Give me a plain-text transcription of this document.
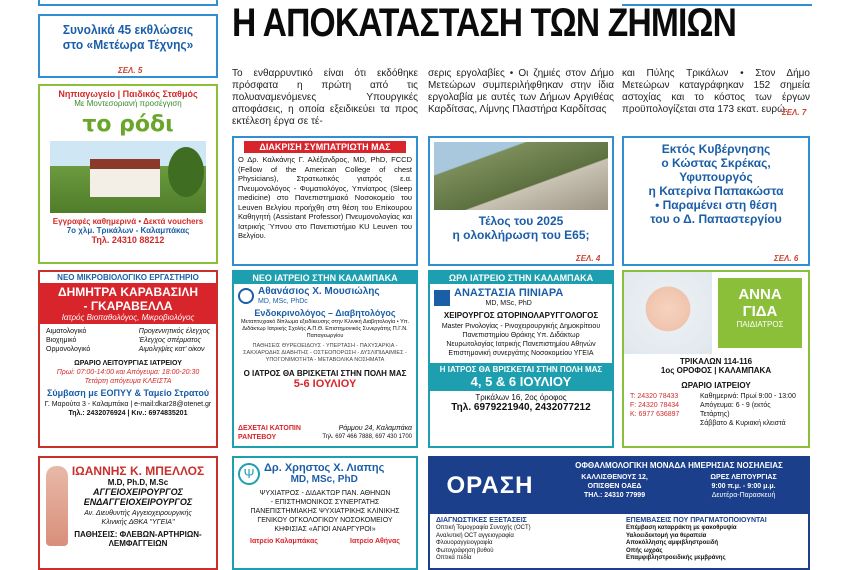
Η ΑΠΟΚΑΤΑΣΤΑΣΗ ΤΩΝ ΖΗΜΙΩΝ
Συνολικά 45 εκθλώσεις
στο «Μετέωρα Τέχνης»
ΣΕΛ. 5	Το ενθαρρυντικό είναι ότι εκδόθηκε πρόσφατα η πρώτη από τις πολυαναμενόμενες Υπουργικές αποφάσεις, η οποία εξειδικεύει τα προς εκτέλεση έργα σε τέ-
σερις εργολαβίες • Οι ζημιές στον Δήμο Μετεώρων συμπεριλήφθηκαν στην ίδια εργολαβία με αυτές των Δήμων Αργιθέας Καρδίτσας, Λίμνης Πλαστήρα Καρδίτσας
και Πύλης Τρικάλων • Στον Δήμο Μετεώρων καταγράφηκαν 152 σημεία αστοχίας και το κόστος των έργων προϋπολογίζεται στα 173 εκατ. ευρώ.
ΣΕΛ. 7
Νηπιαγωγείο | Παιδικός Σταθμός
Με Μοντεσοριανή προσέγγιση
το ρόδι
Εγγραφές καθημερινά • Δεκτά vouchers
7ο χλμ. Τρικάλων - Καλαμπάκας
Τηλ. 24310 88212
ΔΙΑΚΡΙΣΗ ΣΥΜΠΑΤΡΙΩΤΗ ΜΑΣ
Ο Δρ. Καλκάνης Γ. Αλέξανδρος, MD, PhD, FCCD (Fellow of the American College of chest Physicians), Στρατιωτικός γιατρός ε.α. Πνευμονολόγος - Φυματιολόγος, Υπνίατρος (Sleep medicine) στο Πανεπιστημιακό Νοσοκομείο του Leuven Βελγίου προήχθη στη θέση του Επίκουρου Καθηγητή (Assistant Professor) Πνευμονολογίας και Ιατρικής Ύπνου στο Πανεπιστήμιο KU Leuven του Βελγίου.
Τέλος του 2025
η ολοκλήρωση του Ε65;
ΣΕΛ. 4
Εκτός Κυβέρνησης
ο Κώστας Σκρέκας,
Υφυπουργός
η Κατερίνα Παπακώστα
• Παραμένει στη θέση
του ο Δ. Παπαστεργίου
ΣΕΛ. 6
ΝΕΟ ΜΙΚΡΟΒΙΟΛΟΓΙΚΟ ΕΡΓΑΣΤΗΡΙΟ
ΔΗΜΗΤΡΑ ΚΑΡΑΒΑΣΙΛΗ
- ΓΚΑΡΑΒΕΛΛΑ
Ιατρός Βιοπαθολόγος, Μικροβιολόγος
Αιματολογικό
Βιοχημικό
Ορμονολογικό
Προγεννητικός έλεγχος
Έλεγχος σπέρματος
Αιμοληψίες κατ' οίκον
ΩΡΑΡΙΟ ΛΕΙΤΟΥΡΓΙΑΣ ΙΑΤΡΕΙΟΥ
Πρωί: 07:00-14:00 και Απόγευμα: 18:00-20:30
Τετάρτη απόγευμα ΚΛΕΙΣΤΑ
Σύμβαση με ΕΟΠΥΥ & Ταμείο Στρατού
Γ. Μαρούτα 3 - Καλαμπάκα | e-mail:dkar28@otenet.gr
Τηλ.: 2432076924 | Κιν.: 6974835201
ΝΕΟ ΙΑΤΡΕΙΟ ΣΤΗΝ ΚΑΛΑΜΠΑΚΑ
Αθανάσιος Χ. Μουσιώλης
MD, MSc, PhDc
Ενδοκρινολόγος – Διαβητολόγος
Μεταπτυχιακό δίπλωμα εξειδίκευσης στην Κλινική Διαβητολογία • Υπ. Διδάκτωρ Ιατρικής Σχολής Α.Π.Θ. Επιστημονικός Συνεργάτης Π.Γ.Ν. Παπαγεωργίου
ΠΑΘΗΣΕΙΣ ΘΥΡΕΟΕΙΔΟΥΣ - ΥΠΕΡΤΑΣΗ - ΠΑΧΥΣΑΡΚΙΑ - ΣΑΚΧΑΡΩΔΗΣ ΔΙΑΒΗΤΗΣ - ΟΣΤΕΟΠΟΡΩΣΗ - ΔΥΣΛΙΠΙΔΑΙΜΙΕΣ - ΥΠΟΓΟΝΙΜΟΤΗΤΑ - ΜΕΤΑΒΟΛΙΚΑ ΝΟΣΗΜΑΤΑ
Ο ΙΑΤΡΟΣ ΘΑ ΒΡΙΣΚΕΤΑΙ ΣΤΗΝ ΠΟΛΗ ΜΑΣ
5-6 ΙΟΥΛΙΟΥ
ΔΕΧΕΤΑΙ ΚΑΤΟΠΙΝ ΡΑΝΤΕΒΟΥ
Ράμμου 24, Καλαμπάκα
Τηλ. 697 466 7888, 697 430 1700
ΩΡΛ ΙΑΤΡΕΙΟ ΣΤΗΝ ΚΑΛΑΜΠΑΚΑ
ΑΝΑΣΤΑΣΙΑ ΠΙΝΙΑΡΑ
MD, MSc, PhD
ΧΕΙΡΟΥΡΓΟΣ ΩΤΟΡΙΝΟΛΑΡΥΓΓΟΛΟΓΟΣ
Master Ρινολογίας - Ρινοχειρουργικής Δημοκρίτειου Πανεπιστημίου Θράκης Υπ. Διδάκτωρ Νευρωτολογίας Ιατρικής Πανεπιστημίου Αθηνών Επιστημονική συνεργάτης Νοσοκομείου ΥΓΕΙΑ
Η ΙΑΤΡΟΣ ΘΑ ΒΡΙΣΚΕΤΑΙ ΣΤΗΝ ΠΟΛΗ ΜΑΣ
4, 5 & 6 ΙΟΥΛΙΟΥ
Τρικάλων 16, 2ος όροφος
Τηλ. 6979221940, 2432077212
ΑΝΝΑ
ΓΙΔΑ
ΠΑΙΔΙΑΤΡΟΣ
ΤΡΙΚΑΛΩΝ 114-116
1ος ΟΡΟΦΟΣ | ΚΑΛΑΜΠΑΚΑ
ΩΡΑΡΙΟ ΙΑΤΡΕΙΟΥ
Τ: 24320 78433
F: 24320 78434
K: 6977 636897
Καθημερινά: Πρωί 9:00 - 13:00
Απόγευμα: 6 - 9 (εκτός Τετάρτης)
Σάββατο & Κυριακή κλειστά
ΙΩΑΝΝΗΣ Κ. ΜΠΕΛΛΟΣ
M.D, Ph.D, M.Sc
ΑΓΓΕΙΟΧΕΙΡΟΥΡΓΟΣ
ΕΝΔΑΓΓΕΙΟΧΕΙΡΟΥΡΓΟΣ
Αν. Διευθυντής Αγγειοχειρουργικής
Κλινικής ΔΘΚΑ "ΥΓΕΙΑ"
ΠΑΘΗΣΕΙΣ: ΦΛΕΒΩΝ-ΑΡΤΗΡΙΩΝ-ΛΕΜΦΑΓΓΕΙΩΝ
Ψ Δρ. Χρηστος Χ. Λιαπης
MD, MSc, PhD
ΨΥΧΙΑΤΡΟΣ - ΔΙΔΑΚΤΩΡ ΠΑΝ. ΑΘΗΝΩΝ
- ΕΠΙΣΤΗΜΟΝΙΚΟΣ ΣΥΝΕΡΓΑΤΗΣ
ΠΑΝΕΠΙΣΤΗΜΙΑΚΗΣ ΨΥΧΙΑΤΡΙΚΗΣ ΚΛΙΝΙΚΗΣ
ΓΕΝΙΚΟΥ ΟΓΚΟΛΟΓΙΚΟΥ ΝΟΣΟΚΟΜΕΙΟΥ
ΚΗΦΙΣΙΑΣ «ΑΓΙΟΙ ΑΝΑΡΓΥΡΟΙ»
Ιατρείο Καλαμπάκας	Ιατρείο Αθήνας
ΟΡΑΣΗ
ΟΦΘΑΛΜΟΛΟΓΙΚΗ ΜΟΝΑΔΑ ΗΜΕΡΗΣΙΑΣ ΝΟΣΗΛΕΙΑΣ
ΚΑΛΛΙΣΘΕΝΟΥΣ 12,
ΟΠΙΣΘΕΝ ΟΑΕΔ
ΤΗΛ.: 24310 77999
ΩΡΕΣ ΛΕΙΤΟΥΡΓΙΑΣ
9:00 π.μ. - 9:00 μ.μ.
Δευτέρα-Παρασκευή
ΔΙΑΓΝΩΣΤΙΚΕΣ ΕΞΕΤΑΣΕΙΣ
Οπτική Τομογραφία Συνοχής (OCT)
Αναλυτική OCT αγγειογραφία
Φλουοραγγειογραφία
Φωτογράφηση βυθού
Οπτικά πεδία
ΕΠΕΜΒΑΣΕΙΣ ΠΟΥ ΠΡΑΓΜΑΤΟΠΟΙΟΥΝΤΑΙ
Επέμβαση καταρράκτη με φακοθρυψία
Υαλοειδεκτομή για θεραπεία
Αποκόλλησης αμφιβληστροειδή
Οπής ωχράς
Επαμφιβληστροειδικής μεμβράνης
